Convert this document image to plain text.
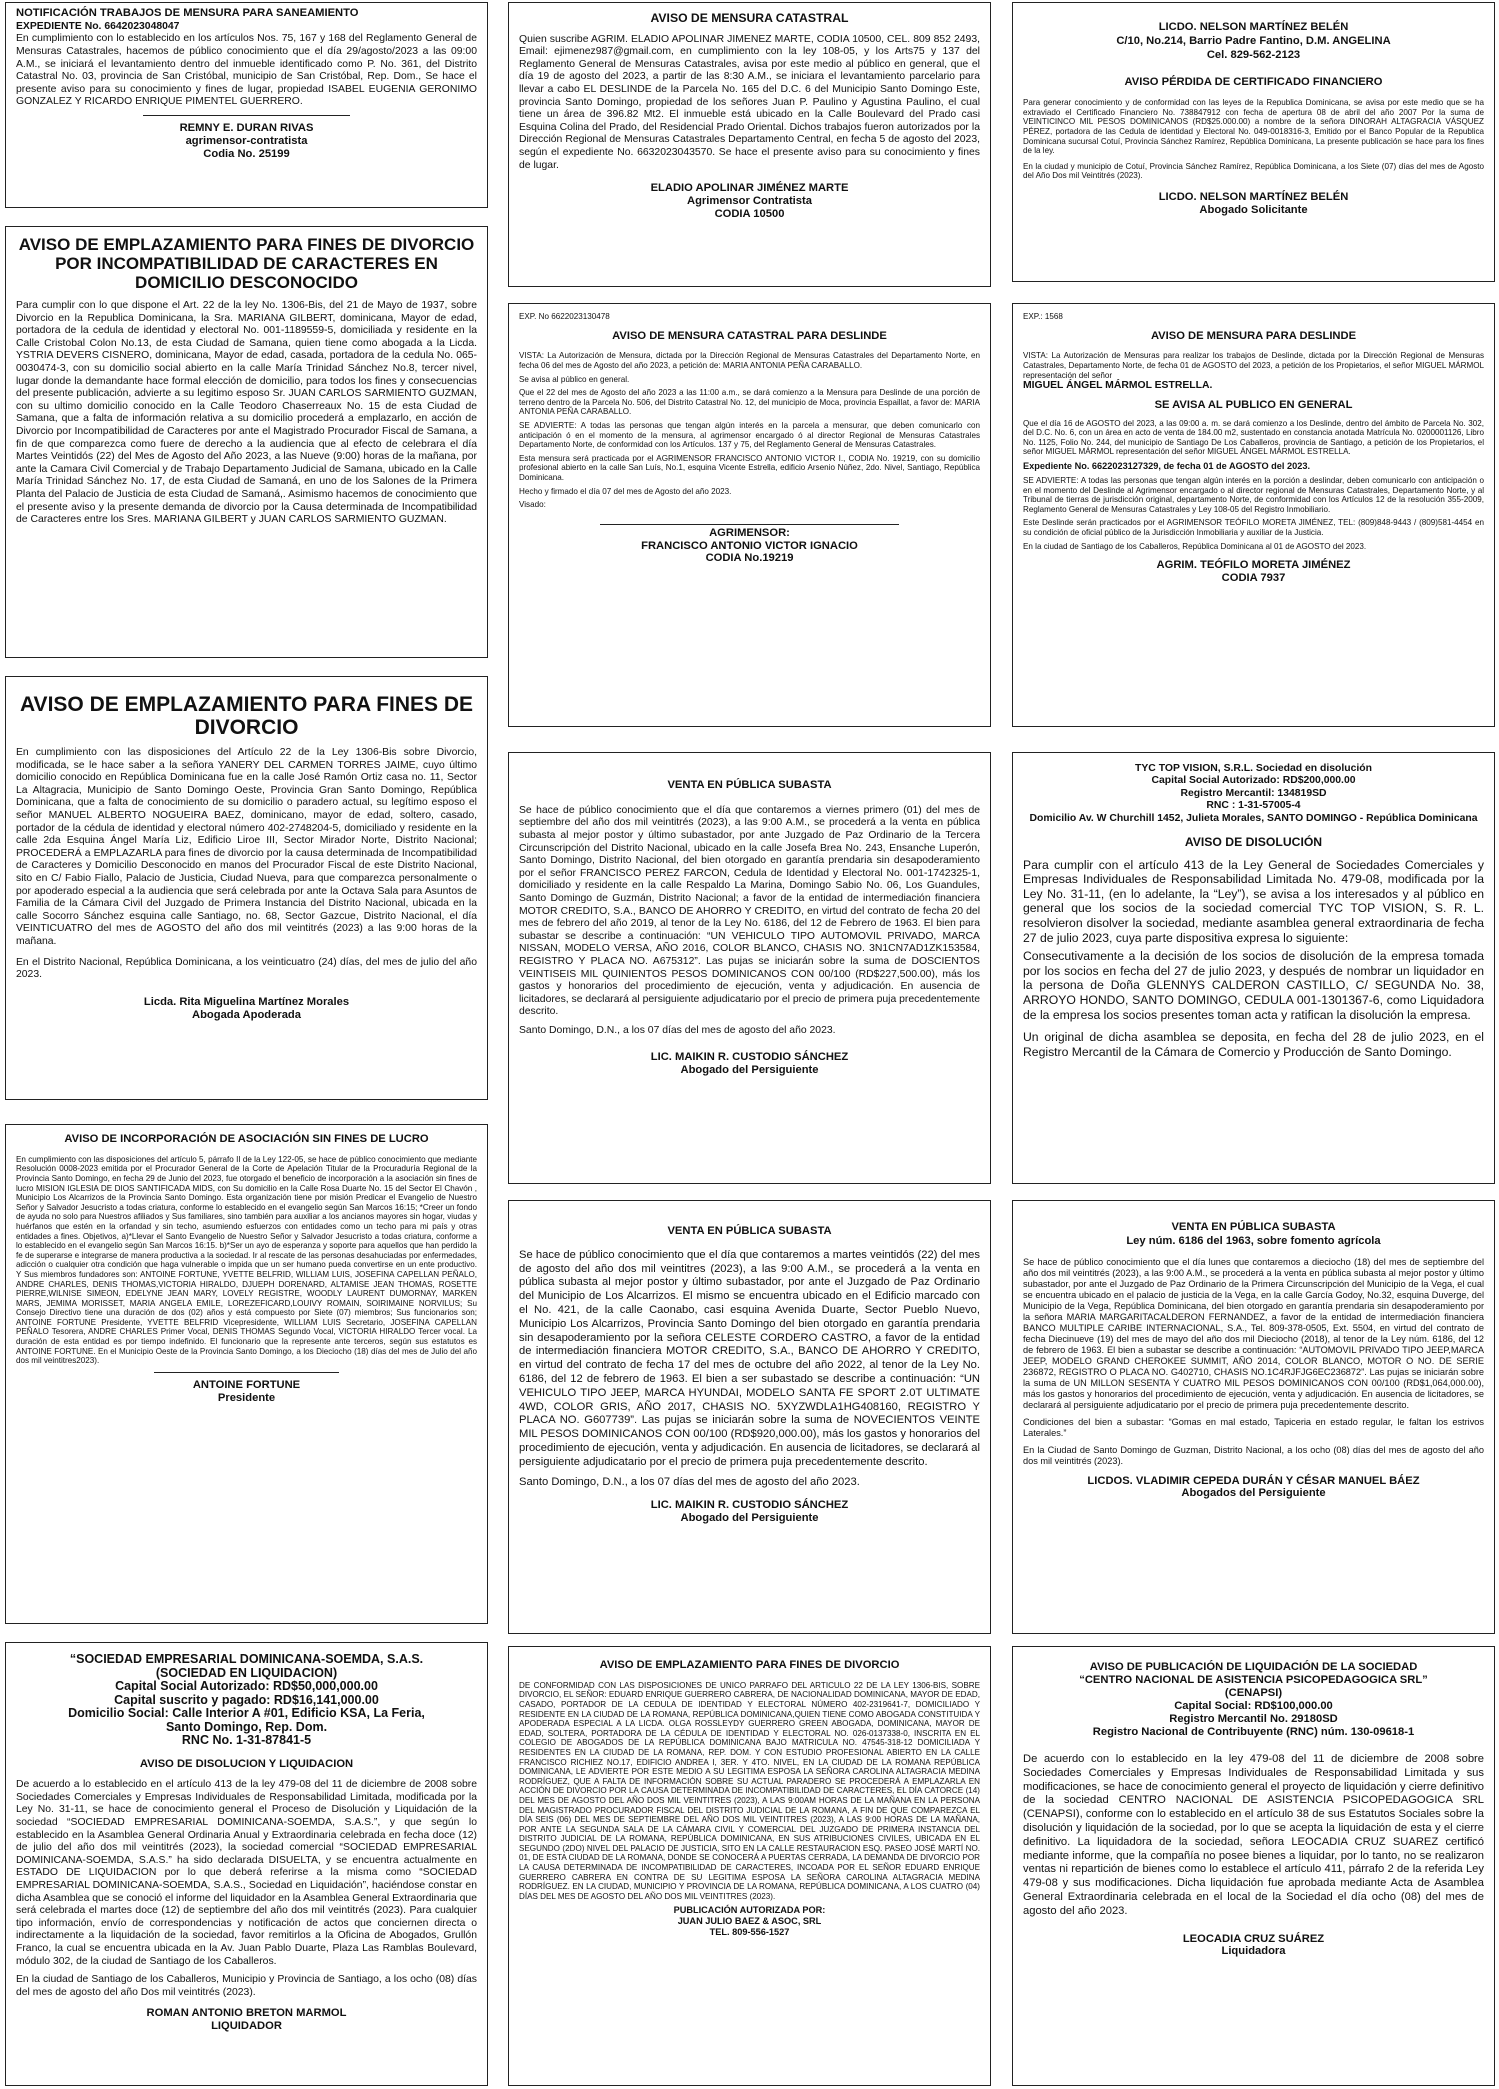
NOTIFICACIÓN TRABAJOS DE MENSURA PARA SANEAMIENTO
EXPEDIENTE No. 6642023048047

En cumplimiento con lo establecido en los artículos Nos. 75, 167 y 168 del Reglamento General de Mensuras Catastrales, hacemos de público conocimiento que el día 29/agosto/2023 a las 09:00 A.M., se iniciará el levantamiento dentro del inmueble identificado como P. No. 361, del Distrito Catastral No. 03, provincia de San Cristóbal, municipio de San Cristóbal, Rep. Dom., Se hace el presente aviso para su conocimiento y fines de lugar, propiedad ISABEL EUGENIA GERONIMO GONZALEZ Y RICARDO ENRIQUE PIMENTEL GUERRERO.

REMNY E. DURAN RIVAS
agrimensor-contratista
Codia No. 25199
AVISO DE EMPLAZAMIENTO PARA FINES DE DIVORCIO POR INCOMPATIBILIDAD DE CARACTERES EN DOMICILIO DESCONOCIDO

Para cumplir con lo que dispone el Art. 22 de la ley No. 1306-Bis, del 21 de Mayo de 1937, sobre Divorcio en la Republica Dominicana, la Sra. MARIANA GILBERT, dominicana, Mayor de edad, portadora de la cedula de identidad y electoral No. 001-1189559-5, domiciliada y residente en la Calle Cristobal Colon No.13, de esta Ciudad de Samana, quien tiene como abogada a la Licda. YSTRIA DEVERS CISNERO, dominicana, Mayor de edad, casada, portadora de la cedula No. 065-0030474-3, con su domicilio social abierto en la calle María Trinidad Sánchez No.8, tercer nivel, lugar donde la demandante hace formal elección de domicilio, para todos los fines y consecuencias del presente publicación, advierte a su legitimo esposo Sr. JUAN CARLOS SARMIENTO GUZMAN, con su ultimo domicilio conocido en la Calle Teodoro Chaserreaux No. 15 de esta Ciudad de Samana, que a falta de información relativa a su domicilio procederá a emplazarlo, en acción de Divorcio por Incompatibilidad de Caracteres por ante el Magistrado Procurador Fiscal de Samana, a fin de que comparezca como fuere de derecho a la audiencia que al efecto de celebrara el día Martes Veintidós (22) del Mes de Agosto del Año 2023, a las Nueve (9:00) horas de la mañana, por ante la Camara Civil Comercial y de Trabajo Departamento Judicial de Samana, ubicado en la Calle María Trinidad Sánchez No. 17, de esta Ciudad de Samaná, en uno de los Salones de la Primera Planta del Palacio de Justicia de esta Ciudad de Samaná,. Asimismo hacemos de conocimiento que el presente aviso y la presente demanda de divorcio por la Causa determinada de Incompatibilidad de Caracteres entre los Sres. MARIANA GILBERT y JUAN CARLOS SARMIENTO GUZMAN.

AVISO DE EMPLAZAMIENTO PARA FINES DE DIVORCIO

En cumplimiento con las disposiciones del Artículo 22 de la Ley 1306-Bis sobre Divorcio, modificada, se le hace saber a la señora YANERY DEL CARMEN TORRES JAIME, cuyo último domicilio conocido en República Dominicana fue en la calle José Ramón Ortiz casa no. 11, Sector La Altagracia, Municipio de Santo Domingo Oeste, Provincia Gran Santo Domingo, República Dominicana, que a falta de conocimiento de su domicilio o paradero actual, su legítimo esposo el señor MANUEL ALBERTO NOGUEIRA BAEZ, dominicano, mayor de edad, soltero, casado, portador de la cédula de identidad y electoral número 402-2748204-5, domiciliado y residente en la calle 2da Esquina Ángel María Liz, Edificio Liroe III, Sector Mirador Norte, Distrito Nacional; PROCEDERÁ a EMPLAZARLA para fines de divorcio por la causa determinada de Incompatibilidad de Caracteres y Domicilio Desconocido en manos del Procurador Fiscal de este Distrito Nacional, sito en C/ Fabio Fiallo, Palacio de Justicia, Ciudad Nueva, para que comparezca personalmente o por apoderado especial a la audiencia que será celebrada por ante la Octava Sala para Asuntos de Familia de la Cámara Civil del Juzgado de Primera Instancia del Distrito Nacional, ubicada en la calle Socorro Sánchez esquina calle Santiago, no. 68, Sector Gazcue, Distrito Nacional, el día VEINTICUATRO del mes de AGOSTO del año dos mil veintitrés (2023) a las 9:00 horas de la mañana.

En el Distrito Nacional, República Dominicana, a los veinticuatro (24) días, del mes de julio del año 2023.

Licda. Rita Miguelina Martínez Morales
Abogada Apoderada
AVISO DE INCORPORACIÓN DE ASOCIACIÓN SIN FINES DE LUCRO

En cumplimiento con las disposiciones del artículo 5, párrafo II de la Ley 122-05, se hace de público conocimiento que mediante Resolución 0008-2023 emitida por el Procurador General de la Corte de Apelación Titular de la Procuraduría Regional de la Provincia Santo Domingo, en fecha 29 de Junio del 2023, fue otorgado el beneficio de incorporación a la asociación sin fines de lucro MISION IGLESIA DE DIOS SANTIFICADA MIDS, con Su domicilio en la Calle Rosa Duarte No. 15 del Sector El Chavón , Municipio Los Alcarrizos de la Provincia Santo Domingo. Esta organización tiene por misión Predicar el Evangelio de Nuestro Señor y Salvador Jesucristo a todas criatura, conforme lo establecido en el evangelio según San Marcos 16:15; *Creer un fondo de ayuda no solo para Nuestros afiliados y Sus familiares, sino también para auxiliar a los ancianos mayores sin hogar, viudas y huérfanos que estén en la orfandad y sin techo, asumiendo esfuerzos con entidades como un techo para mi país y otras entidades a fines. Objetivos, a)*Llevar el Santo Evangelio de Nuestro Señor y Salvador Jesucristo a todas criatura, conforme a lo establecido en el evangelio según San Marcos 16:15. b)*Ser un ayo de esperanza y soporte para aquellos que han perdido la fe de superarse e integrarse de manera productiva a la sociedad. Ir al rescate de las personas desahuciadas por enfermedades, adicción o cualquier otra condición que haga vulnerable o impida que un ser humano pueda convertirse en un ente productivo. Y Sus miembros fundadores son: ANTOINE FORTUNE, YVETTE BELFRID, WILLIAM LUIS, JOSEFINA CAPELLAN PEÑALO, ANDRE CHARLES, DENIS THOMAS,VICTORIA HIRALDO, DJUEPH DORENARD, ALTAMISE JEAN THOMAS, ROSETTE PIERRE,WILNISE SIMEON, EDELYNE JEAN MARY, LOVELY REGISTRE, WOODLY LAURENT DUMORNAY, MARKEN MARS, JEMIMA MORISSET, MARIA ANGELA EMILE, LOREZEFICARD,LOUIVY ROMAIN, SOIRIMAINE NORVILUS; Su Consejo Directivo tiene una duración de dos (02) años y está compuesto por Siete (07) miembros; Sus funcionarios son; ANTOINE FORTUNE Presidente, YVETTE BELFRID Vicepresidente, WILLIAM LUIS Secretario, JOSEFINA CAPELLAN PEÑALO Tesorera, ANDRE CHARLES Primer Vocal, DENIS THOMAS Segundo Vocal, VICTORIA HIRALDO Tercer vocal. La duración de esta entidad es por tiempo indefinido. El funcionario que la represente ante terceros, según sus estatutos es ANTOINE FORTUNE. En el Municipio Oeste de la Provincia Santo Domingo, a los Dieciocho (18) días del mes de Julio del año dos mil veintitres2023).

ANTOINE FORTUNE
Presidente
“SOCIEDAD EMPRESARIAL DOMINICANA-SOEMDA, S.A.S.
(SOCIEDAD EN LIQUIDACION)
Capital Social Autorizado: RD$50,000,000.00
Capital suscrito y pagado: RD$16,141,000.00
Domicilio Social: Calle Interior A #01, Edificio KSA, La Feria,
Santo Domingo, Rep. Dom.
RNC No. 1-31-87841-5
AVISO DE DISOLUCION Y LIQUIDACION

De acuerdo a lo establecido en el artículo 413 de la ley 479-08 del 11 de diciembre de 2008 sobre Sociedades Comerciales y Empresas Individuales de Responsabilidad Limitada, modificada por la Ley No. 31-11, se hace de conocimiento general el Proceso de Disolución y Liquidación de la sociedad “SOCIEDAD EMPRESARIAL DOMINICANA-SOEMDA, S.A.S.”, y que según lo establecido en la Asamblea General Ordinaria Anual y Extraordinaria celebrada en fecha doce (12) de julio del año dos mil veintitrés (2023), la sociedad comercial “SOCIEDAD EMPRESARIAL DOMINICANA-SOEMDA, S.A.S.” ha sido declarada DISUELTA, y se encuentra actualmente en ESTADO DE LIQUIDACION por lo que deberá referirse a la misma como “SOCIEDAD EMPRESARIAL DOMINICANA-SOEMDA, S.A.S., Sociedad en Liquidación”, haciéndose constar en dicha Asamblea que se conoció el informe del liquidador en la Asamblea General Extraordinaria que será celebrada el martes doce (12) de septiembre del año dos mil veintitrés (2023). Para cualquier tipo información, envío de correspondencias y notificación de actos que conciernen directa o indirectamente a la liquidación de la sociedad, favor remitirlos a la Oficina de Abogados, Grullón Franco, la cual se encuentra ubicada en la Av. Juan Pablo Duarte, Plaza Las Ramblas Boulevard, módulo 302, de la ciudad de Santiago de los Caballeros.

En la ciudad de Santiago de los Caballeros, Municipio y Provincia de Santiago, a los ocho (08) días del mes de agosto del año Dos mil veintitrés (2023).

ROMAN ANTONIO BRETON MARMOL
LIQUIDADOR
AVISO DE MENSURA CATASTRAL

Quien suscribe AGRIM. ELADIO APOLINAR JIMENEZ MARTE, CODIA 10500, CEL. 809 852 2493, Email: ejimenez987@gmail.com, en cumplimiento con la ley 108-05, y los Arts75 y 137 del Reglamento General de Mensuras Catastrales, avisa por este medio al público en general, que el día 19 de agosto del 2023, a partir de las 8:30 A.M., se iniciara el levantamiento parcelario para llevar a cabo EL DESLINDE de la Parcela No. 165 del D.C. 6 del Municipio Santo Domingo Este, provincia Santo Domingo, propiedad de los señores Juan P. Paulino y Agustina Paulino, el cual tiene un área de 396.82 Mt2. El inmueble está ubicado en la Calle Boulevard del Prado casi Esquina Colina del Prado, del Residencial Prado Oriental. Dichos trabajos fueron autorizados por la Dirección Regional de Mensuras Catastrales Departamento Central, en fecha 5 de agosto del 2023, según el expediente No. 6632023043570. Se hace el presente aviso para su conocimiento y fines de lugar.

ELADIO APOLINAR JIMÉNEZ MARTE
Agrimensor Contratista
CODIA 10500
EXP. No 6622023130478
AVISO DE MENSURA CATASTRAL PARA DESLINDE

VISTA: La Autorización de Mensura, dictada por la Dirección Regional de Mensuras Catastrales del Departamento Norte, en fecha 06 del mes de Agosto del año 2023, a petición de: MARIA ANTONIA PEÑA CARABALLO.

Se avisa al público en general.

Que el 22 del mes de Agosto del año 2023 a las 11:00 a.m., se dará comienzo a la Mensura para Deslinde de una porción de terreno dentro de la Parcela No. 506, del Distrito Catastral No. 12, del municipio de Moca, provincia Espaillat, a favor de: MARIA ANTONIA PEÑA CARABALLO.

SE ADVIERTE: A todas las personas que tengan algún interés en la parcela a mensurar, que deben comunicarlo con anticipación ó en el momento de la mensura, al agrimensor encargado ó al director Regional de Mensuras Catastrales Departamento Norte, de conformidad con los Artículos. 137 y 75, del Reglamento General de Mensuras Catastrales.

Esta mensura será practicada por el AGRIMENSOR FRANCISCO ANTONIO VICTOR I., CODIA No. 19219, con su domicilio profesional abierto en la calle San Luís, No.1, esquina Vicente Estrella, edificio Arsenio Núñez, 2do. Nivel, Santiago, República Dominicana.

Hecho y firmado el día 07 del mes de Agosto del año 2023.

Visado:

AGRIMENSOR:
FRANCISCO ANTONIO VICTOR IGNACIO
CODIA No.19219
VENTA EN PÚBLICA SUBASTA

Se hace de público conocimiento que el día que contaremos a viernes primero (01) del mes de septiembre del año dos mil veintitrés (2023), a las 9:00 A.M., se procederá a la venta en pública subasta al mejor postor y último subastador, por ante Juzgado de Paz Ordinario de la Tercera Circunscripción del Distrito Nacional, ubicado en la calle Josefa Brea No. 243, Ensanche Luperón, Santo Domingo, Distrito Nacional, del bien otorgado en garantía prendaria sin desapoderamiento por el señor FRANCISCO PEREZ FARCON, Cedula de Identidad y Electoral No. 001-1742325-1, domiciliado y residente en la calle Respaldo La Marina, Domingo Sabio No. 06, Los Guandules, Santo Domingo de Guzmán, Distrito Nacional; a favor de la entidad de intermediación financiera MOTOR CREDITO, S.A., BANCO DE AHORRO Y CREDITO, en virtud del contrato de fecha 20 del mes de febrero del año 2019, al tenor de la Ley No. 6186, del 12 de Febrero de 1963. El bien para subastar se describe a continuación: “UN VEHICULO TIPO AUTOMOVIL PRIVADO, MARCA NISSAN, MODELO VERSA, AÑO 2016, COLOR BLANCO, CHASIS NO. 3N1CN7AD1ZK153584, REGISTRO Y PLACA NO. A675312”. Las pujas se iniciarán sobre la suma de DOSCIENTOS VEINTISEIS MIL QUINIENTOS PESOS DOMINICANOS CON 00/100 (RD$227,500.00), más los gastos y honorarios del procedimiento de ejecución, venta y adjudicación. En ausencia de licitadores, se declarará al persiguiente adjudicatario por el precio de primera puja precedentemente descrito.

Santo Domingo, D.N., a los 07 días del mes de agosto del año 2023.

LIC. MAIKIN R. CUSTODIO SÁNCHEZ
Abogado del Persiguiente
VENTA EN PÚBLICA SUBASTA

Se hace de público conocimiento que el día que contaremos a martes veintidós (22) del mes de agosto del año dos mil veintitres (2023), a las 9:00 A.M., se procederá a la venta en pública subasta al mejor postor y último subastador, por ante el Juzgado de Paz Ordinario del Municipio de Los Alcarrizos. El mismo se encuentra ubicado en el Edificio marcado con el No. 421, de la calle Caonabo, casi esquina Avenida Duarte, Sector Pueblo Nuevo, Municipio Los Alcarrizos, Provincia Santo Domingo del bien otorgado en garantía prendaria sin desapoderamiento por la señora CELESTE CORDERO CASTRO, a favor de la entidad de intermediación financiera MOTOR CREDITO, S.A., BANCO DE AHORRO Y CREDITO, en virtud del contrato de fecha 17 del mes de octubre del año 2022, al tenor de la Ley No. 6186, del 12 de febrero de 1963. El bien a ser subastado se describe a continuación: “UN VEHICULO TIPO JEEP, MARCA HYUNDAI, MODELO SANTA FE SPORT 2.0T ULTIMATE 4WD, COLOR GRIS, AÑO 2017, CHASIS NO. 5XYZWDLA1HG408160, REGISTRO Y PLACA NO. G607739”. Las pujas se iniciarán sobre la suma de NOVECIENTOS VEINTE MIL PESOS DOMINICANOS CON 00/100 (RD$920,000.00), más los gastos y honorarios del procedimiento de ejecución, venta y adjudicación. En ausencia de licitadores, se declarará al persiguiente adjudicatario por el precio de primera puja precedentemente descrito.

Santo Domingo, D.N., a los 07 días del mes de agosto del año 2023.

LIC. MAIKIN R. CUSTODIO SÁNCHEZ
Abogado del Persiguiente
AVISO DE EMPLAZAMIENTO PARA FINES DE DIVORCIO

DE CONFORMIDAD CON LAS DISPOSICIONES DE UNICO PARRAFO DEL ARTICULO 22 DE LA LEY 1306-BIS, SOBRE DIVORCIO, EL SEÑOR: EDUARD ENRIQUE GUERRERO CABRERA, DE NACIONALIDAD DOMINICANA, MAYOR DE EDAD, CASADO, PORTADOR DE LA CEDULA DE IDENTIDAD Y ELECTORAL NÚMERO 402-2319641-7, DOMICILIADO Y RESIDENTE EN LA CIUDAD DE LA ROMANA, REPÚBLICA DOMINICANA,QUIEN TIENE COMO ABOGADA CONSTITUIDA Y APODERADA ESPECIAL A LA LICDA. OLGA ROSSLEYDY GUERRERO GREEN ABOGADA, DOMINICANA, MAYOR DE EDAD, SOLTERA, PORTADORA DE LA CÉDULA DE IDENTIDAD Y ELECTORAL NO. 026-0137338-0, INSCRITA EN EL COLEGIO DE ABOGADOS DE LA REPÚBLICA DOMINICANA BAJO MATRICULA NO. 47545-318-12 DOMICILIADA Y RESIDENTES EN LA CIUDAD DE LA ROMANA, REP. DOM. Y CON ESTUDIO PROFESIONAL ABIERTO EN LA CALLE FRANCISCO RICHIEZ NO.17, EDIFICIO ANDREA I, 3ER. Y 4TO. NIVEL, EN LA CIUDAD DE LA ROMANA REPÚBLICA DOMINICANA, LE ADVIERTE POR ESTE MEDIO A SU LEGITIMA ESPOSA LA SEÑORA CAROLINA ALTAGRACIA MEDINA RODRÍGUEZ, QUE A FALTA DE INFORMACIÓN SOBRE SU ACTUAL PARADERO SE PROCEDERÁ A EMPLAZARLA EN ACCIÓN DE DIVORCIO POR LA CAUSA DETERMINADA DE INCOMPATIBILIDAD DE CARACTERES, EL DÍA CATORCE (14) DEL MES DE AGOSTO DEL AÑO DOS MIL VEINTITRES (2023), A LAS 9:00AM HORAS DE LA MAÑANA EN LA PERSONA DEL MAGISTRADO PROCURADOR FISCAL DEL DISTRITO JUDICIAL DE LA ROMANA, A FIN DE QUE COMPAREZCA EL DÍA SEIS (06) DEL MES DE SEPTIEMBRE DEL AÑO DOS MIL VEINTITRES (2023), A LAS 9:00 HORAS DE LA MAÑANA, POR ANTE LA SEGUNDA SALA DE LA CÁMARA CIVIL Y COMERCIAL DEL JUZGADO DE PRIMERA INSTANCIA DEL DISTRITO JUDICIAL DE LA ROMANA, REPÚBLICA DOMINICANA, EN SUS ATRIBUCIONES CIVILES, UBICADA EN EL SEGUNDO (2DO) NIVEL DEL PALACIO DE JUSTICIA, SITO EN LA CALLE RESTAURACION ESQ. PASEO JOSÉ MARTÍ NO. 01, DE ESTA CIUDAD DE LA ROMANA, DONDE SE CONOCERÁ A PUERTAS CERRADA, LA DEMANDA DE DIVORCIO POR LA CAUSA DETERMINADA DE INCOMPATIBILIDAD DE CARACTERES, INCOADA POR EL SEÑOR EDUARD ENRIQUE GUERRERO CABRERA EN CONTRA DE SU LEGITIMA ESPOSA LA SEÑORA CAROLINA ALTAGRACIA MEDINA RODRÍGUEZ. EN LA CIUDAD, MUNICIPIO Y PROVINCIA DE LA ROMANA, REPÚBLICA DOMINICANA, A LOS CUATRO (04) DÍAS DEL MES DE AGOSTO DEL AÑO DOS MIL VEINTITRES (2023).

PUBLICACIÓN AUTORIZADA POR:
JUAN JULIO BAEZ & ASOC, SRL
TEL. 809-556-1527
LICDO. NELSON MARTÍNEZ BELÉN
C/10, No.214, Barrio Padre Fantino, D.M. ANGELINA
Cel. 829-562-2123
AVISO PÉRDIDA DE CERTIFICADO FINANCIERO

Para generar conocimiento y de conformidad con las leyes de la Republica Dominicana, se avisa por este medio que se ha extraviado el Certificado Financiero No. 738847912 con fecha de apertura 08 de abril del año 2007 Por la suma de VEINTICINCO MIL PESOS DOMINICANOS (RD$25.000.00) a nombre de la señora DINORAH ALTAGRACIA VÁSQUEZ PÉREZ, portadora de las Cedula de identidad y Electoral No. 049-0018316-3, Emitido por el Banco Popular de la Republica Dominicana sucursal Cotuí, Provincia Sánchez Ramírez, República Dominicana, La presente publicación se hace para los fines de la ley.

En la ciudad y municipio de Cotuí, Provincia Sánchez Ramírez, República Dominicana, a los Siete (07) días del mes de Agosto del Año Dos mil Veintitrés (2023).

LICDO. NELSON MARTÍNEZ BELÉN
Abogado Solicitante
EXP.: 1568
AVISO DE MENSURA PARA DESLINDE

VISTA: La Autorización de Mensuras para realizar los trabajos de Deslinde, dictada por la Dirección Regional de Mensuras Catastrales, Departamento Norte, de fecha 01 de AGOSTO del 2023, a petición de los Propietarios, el señor MIGUEL MÁRMOL representación del señor

MIGUEL ÁNGEL MÁRMOL ESTRELLA.

SE AVISA AL PUBLICO EN GENERAL

Que el día 16 de AGOSTO del 2023, a las 09:00 a. m. se dará comienzo a los Deslinde, dentro del ámbito de Parcela No. 302, del D.C. No. 6, con un área en acto de venta de 184.00 m2, sustentado en constancia anotada Matrícula No. 0200001126, Libro No. 1125, Folio No. 244, del municipio de Santiago De Los Caballeros, provincia de Santiago, a petición de los Propietarios, el señor MIGUEL MÁRMOL representación del señor MIGUEL ÁNGEL MÁRMOL ESTRELLA.

Expediente No. 6622023127329, de fecha 01 de AGOSTO del 2023.

SE ADVIERTE: A todas las personas que tengan algún interés en la porción a deslindar, deben comunicarlo con anticipación o en el momento del Deslinde al Agrimensor encargado o al director regional de Mensuras Catastrales, Departamento Norte, y al Tribunal de tierras de jurisdicción original, departamento Norte, de conformidad con los Artículos 12 de la resolución 355-2009, Reglamento General de Mensuras Catastrales y Ley 108-05 del Registro Inmobiliario.

Este Deslinde serán practicados por el AGRIMENSOR TEÓFILO MORETA JIMÉNEZ, TEL: (809)848-9443 / (809)581-4454 en su condición de oficial público de la Jurisdicción Inmobiliaria y auxiliar de la Justicia.

En la ciudad de Santiago de los Caballeros, República Dominicana al 01 de AGOSTO del 2023.

AGRIM. TEÓFILO MORETA JIMÉNEZ
CODIA 7937
TYC TOP VISION, S.R.L. Sociedad en disolución
Capital Social Autorizado: RD$200,000.00
Registro Mercantil: 134819SD
RNC : 1-31-57005-4
Domicilio Av. W Churchill 1452, Julieta Morales, SANTO DOMINGO - República Dominicana
AVISO DE DISOLUCIÓN

Para cumplir con el artículo 413 de la Ley General de Sociedades Comerciales y Empresas Individuales de Responsabilidad Limitada No. 479-08, modificada por la Ley No. 31-11, (en lo adelante, la “Ley”), se avisa a los interesados y al público en general que los socios de la sociedad comercial TYC TOP VISION, S. R. L. resolvieron disolver la sociedad, mediante asamblea general extraordinaria de fecha 27 de julio 2023, cuya parte dispositiva expresa lo siguiente:

Consecutivamente a la decisión de los socios de disolución de la empresa tomada por los socios en fecha del 27 de julio 2023, y después de nombrar un liquidador en la persona de Doña GLENNYS CALDERON CASTILLO, C/ SEGUNDA No. 38, ARROYO HONDO, SANTO DOMINGO, CEDULA 001-1301367-6, como Liquidadora de la empresa los socios presentes toman acta y ratifican la disolución la empresa.

Un original de dicha asamblea se deposita, en fecha del 28 de julio 2023, en el Registro Mercantil de la Cámara de Comercio y Producción de Santo Domingo.

VENTA EN PÚBLICA SUBASTA
Ley núm. 6186 del 1963, sobre fomento agrícola

Se hace de público conocimiento que el día lunes que contaremos a dieciocho (18) del mes de septiembre del año dos mil veintitrés (2023), a las 9:00 A.M., se procederá a la venta en pública subasta al mejor postor y último subastador, por ante el Juzgado de Paz Ordinario de la Primera Circunscripción del Municipio de la Vega, el cual se encuentra ubicado en el palacio de justicia de la Vega, en la calle García Godoy, No.32, esquina Duverge, del Municipio de la Vega, República Dominicana, del bien otorgado en garantía prendaria sin desapoderamiento por la señora MARIA MARGARITACALDERON FERNANDEZ, a favor de la entidad de intermediación financiera BANCO MULTIPLE CARIBE INTERNACIONAL, S.A., Tel. 809-378-0505, Ext. 5504, en virtud del contrato de fecha Diecinueve (19) del mes de mayo del año dos mil Dieciocho (2018), al tenor de la Ley núm. 6186, del 12 de febrero de 1963. El bien a subastar se describe a continuación: “AUTOMOVIL PRIVADO TIPO JEEP,MARCA JEEP, MODELO GRAND CHEROKEE SUMMIT, AÑO 2014, COLOR BLANCO, MOTOR O NO. DE SERIE 236872, REGISTRO O PLACA NO. G402710, CHASIS NO.1C4RJFJG6EC236872”. Las pujas se iniciarán sobre la suma de UN MILLON SESENTA Y CUATRO MIL PESOS DOMINICANOS CON 00/100 (RD$1,064,000.00), más los gastos y honorarios del procedimiento de ejecución, venta y adjudicación. En ausencia de licitadores, se declarará al persiguiente adjudicatario por el precio de primera puja precedentemente descrito.

Condiciones del bien a subastar: “Gomas en mal estado, Tapiceria en estado regular, le faltan los estrivos Laterales.”

En la Ciudad de Santo Domingo de Guzman, Distrito Nacional, a los ocho (08) días del mes de agosto del año dos mil veintitrés (2023).

LICDOS. VLADIMIR CEPEDA DURÁN Y CÉSAR MANUEL BÁEZ
Abogados del Persiguiente
AVISO DE PUBLICACIÓN DE LIQUIDACIÓN DE LA SOCIEDAD
“CENTRO NACIONAL DE ASISTENCIA PSICOPEDAGOGICA SRL”
(CENAPSI)
Capital Social: RD$100,000.00
Registro Mercantil No. 29180SD
Registro Nacional de Contribuyente (RNC) núm. 130-09618-1

De acuerdo con lo establecido en la ley 479-08 del 11 de diciembre de 2008 sobre Sociedades Comerciales y Empresas Individuales de Responsabilidad Limitada y sus modificaciones, se hace de conocimiento general el proyecto de liquidación y cierre definitivo de la sociedad CENTRO NACIONAL DE ASISTENCIA PSICOPEDAGOGICA SRL (CENAPSI), conforme con lo establecido en el artículo 38 de sus Estatutos Sociales sobre la disolución y liquidación de la sociedad, por lo que se acepta la liquidación de esta y el cierre definitivo. La liquidadora de la sociedad, señora LEOCADIA CRUZ SUAREZ certificó mediante informe, que la compañía no posee bienes a liquidar, por lo tanto, no se realizaron ventas ni repartición de bienes como lo establece el artículo 411, párrafo 2 de la referida Ley 479-08 y sus modificaciones. Dicha liquidación fue aprobada mediante Acta de Asamblea General Extraordinaria celebrada en el local de la Sociedad el día ocho (08) del mes de agosto del año 2023.

LEOCADIA CRUZ SUÁREZ
Liquidadora
